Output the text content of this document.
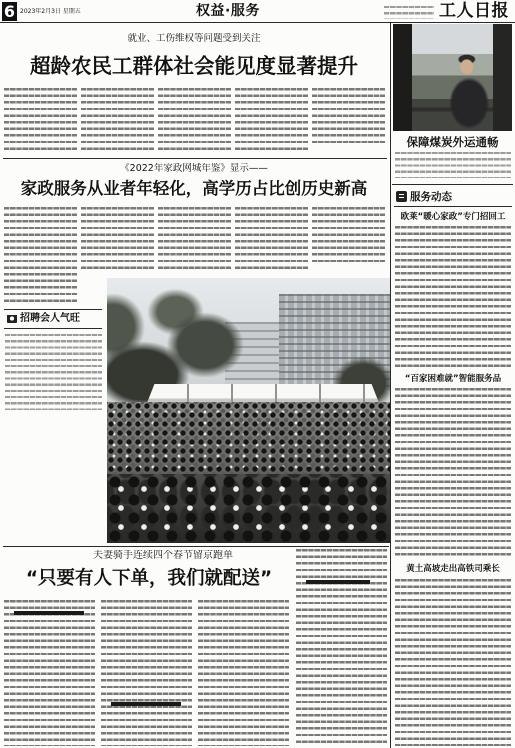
6 2023年2月3日 星期五	权益·服务	工人日报
就业、工伤维权等问题受到关注
超龄农民工群体社会能见度显著提升
《2022年家政网城年鉴》显示——
家政服务从业者年轻化，高学历占比创历史新高
招聘会人气旺
夫妻骑手连续四个春节留京跑单
“只要有人下单，我们就配送”
保障煤炭外运通畅
服务动态
欧莱“暖心家政”专门招回工
“百家困难就”智能服务品
黄土高坡走出高铁司乘长
